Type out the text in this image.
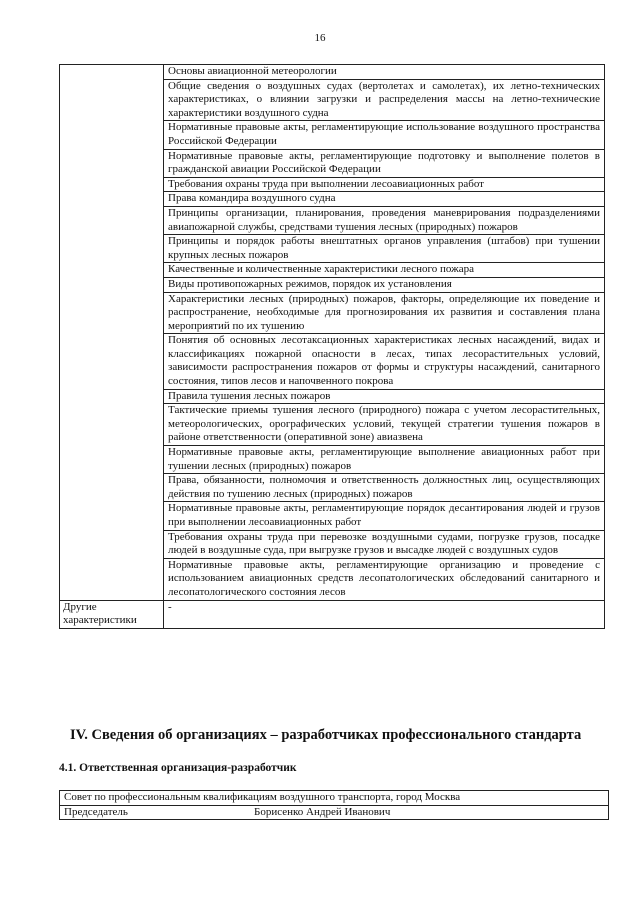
16
	Основы авиационной метеорологии
	Общие сведения о воздушных судах (вертолетах и самолетах), их летно-технических характеристиках, о влиянии загрузки и распределения массы на летно-технические характеристики воздушного судна
	Нормативные правовые акты, регламентирующие использование воздушного пространства Российской Федерации
	Нормативные правовые акты, регламентирующие подготовку и выполнение полетов в гражданской авиации Российской Федерации
	Требования охраны труда при выполнении лесоавиационных работ
	Права командира воздушного судна
	Принципы организации, планирования, проведения маневрирования подразделениями авиапожарной службы, средствами тушения лесных (природных) пожаров
	Принципы и порядок работы внештатных органов управления (штабов) при тушении крупных лесных пожаров
	Качественные и количественные характеристики лесного пожара
	Виды противопожарных режимов, порядок их установления
	Характеристики лесных (природных) пожаров, факторы, определяющие их поведение и распространение, необходимые для прогнозирования их развития и составления плана мероприятий по их тушению
	Понятия об основных лесотаксационных характеристиках лесных насаждений, видах и классификациях пожарной опасности в лесах, типах лесорастительных условий, зависимости распространения пожаров от формы и структуры насаждений, санитарного состояния, типов лесов и напочвенного покрова
	Правила тушения лесных пожаров
	Тактические приемы тушения лесного (природного) пожара с учетом лесорастительных, метеорологических, орографических условий, текущей стратегии тушения пожаров в районе ответственности (оперативной зоне) авиазвена
	Нормативные правовые акты, регламентирующие выполнение авиационных работ при тушении лесных (природных) пожаров
	Права, обязанности, полномочия и ответственность должностных лиц, осуществляющих действия по тушению лесных (природных) пожаров
	Нормативные правовые акты, регламентирующие порядок десантирования людей и грузов при выполнении лесоавиационных работ
	Требования охраны труда при перевозке воздушными судами, погрузке грузов, посадке людей в воздушные суда, при выгрузке грузов и высадке людей с воздушных судов
	Нормативные правовые акты, регламентирующие организацию и проведение с использованием авиационных средств лесопатологических обследований санитарного и лесопатологического состояния лесов
Другие характеристики	-
IV. Сведения об организациях – разработчиках профессионального стандарта
4.1. Ответственная организация-разработчик
Совет по профессиональным квалификациям воздушного транспорта, город Москва
Председатель	Борисенко Андрей Иванович
